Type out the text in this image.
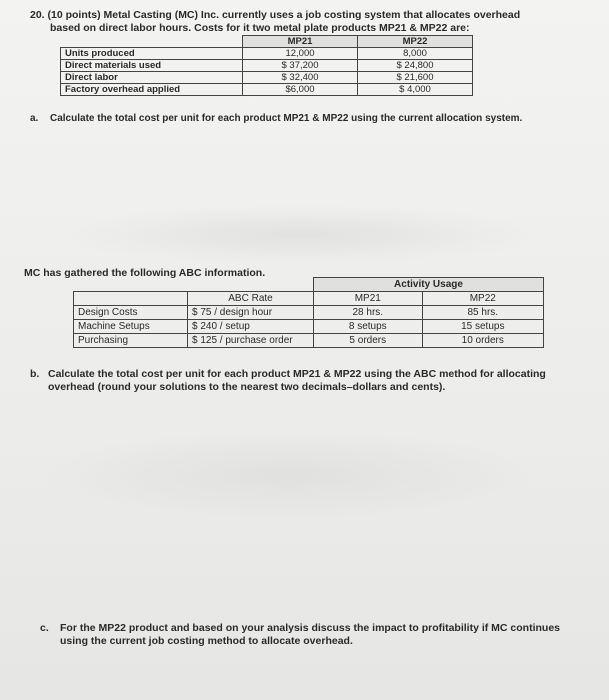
20. (10 points) Metal Casting (MC) Inc. currently uses a job costing system that allocates overhead
based on direct labor hours. Costs for it two metal plate products MP21 & MP22 are:
	MP21	MP22
Units produced	12,000	8,000
Direct materials used	$ 37,200	$ 24,800
Direct labor	$ 32,400	$ 21,600
Factory overhead applied	$6,000	$ 4,000
a. Calculate the total cost per unit for each product MP21 & MP22 using the current allocation system.
MC has gathered the following ABC information.
		Activity Usage	
	ABC Rate	MP21	MP22
Design Costs	$ 75 / design hour	28 hrs.	85 hrs.
Machine Setups	$ 240 / setup	8 setups	15 setups
Purchasing	$ 125 / purchase order	5 orders	10 orders
b. Calculate the total cost per unit for each product MP21 & MP22 using the ABC method for allocating overhead (round your solutions to the nearest two decimals–dollars and cents).
c. For the MP22 product and based on your analysis discuss the impact to profitability if MC continues using the current job costing method to allocate overhead.
